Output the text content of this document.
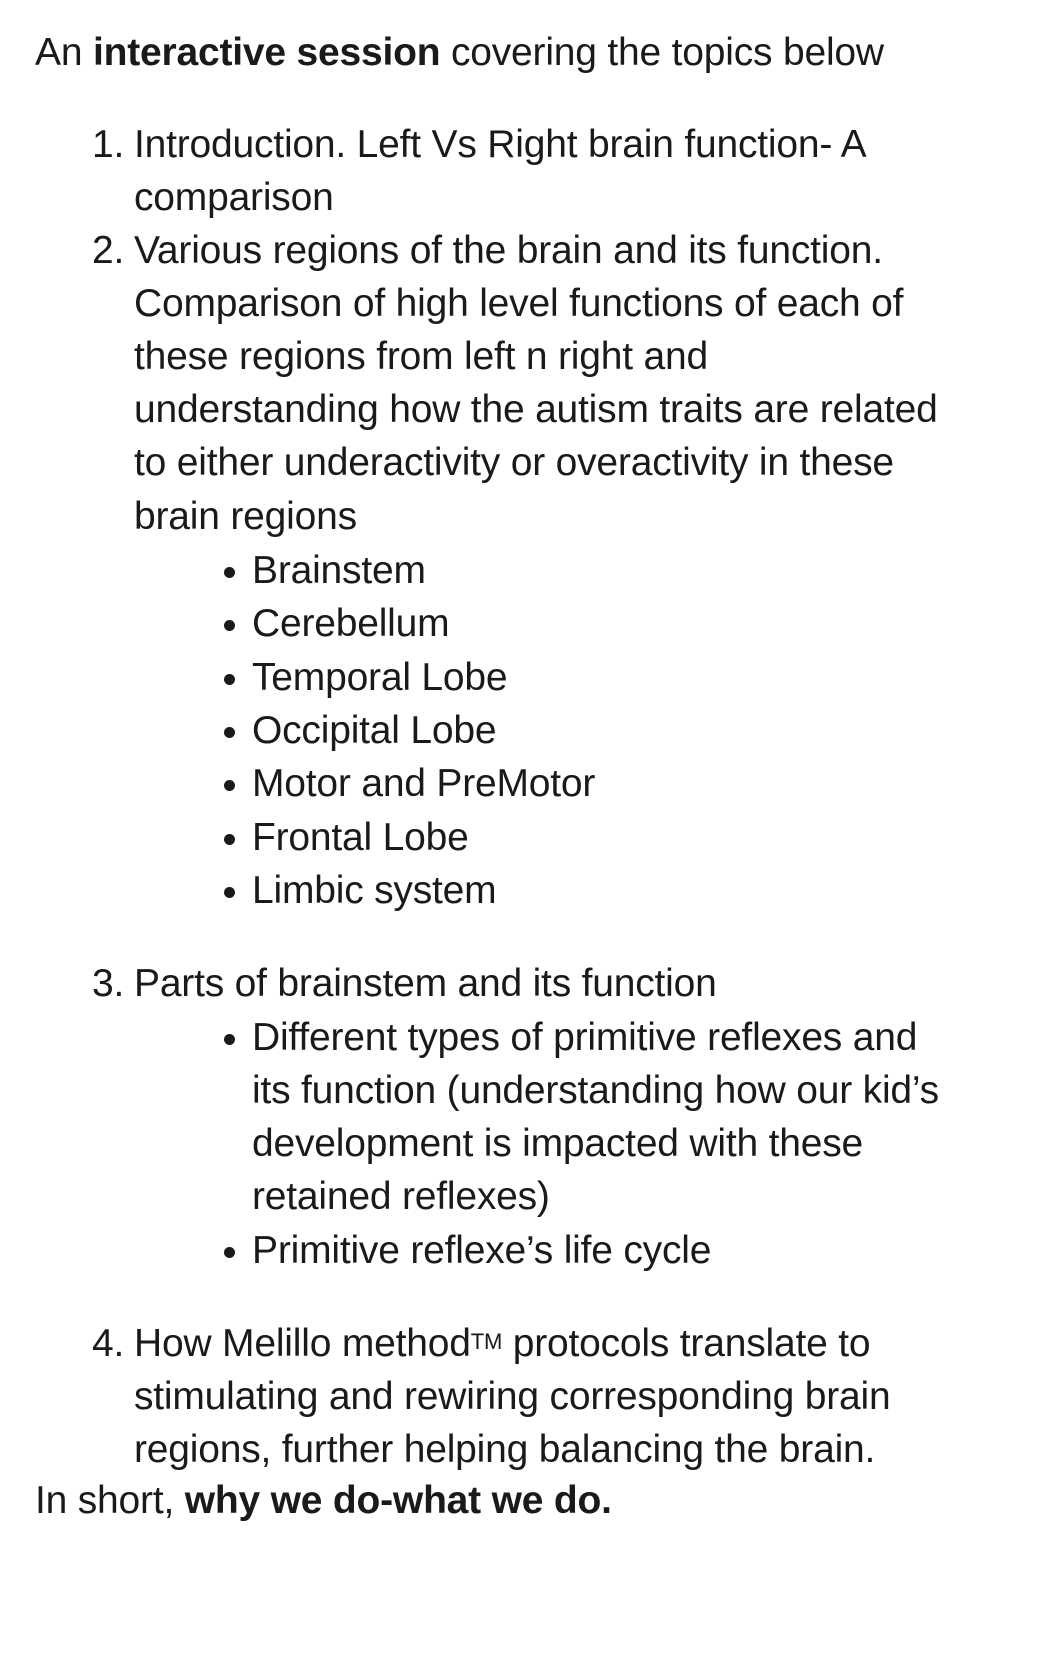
An interactive session covering the topics below
1. Introduction. Left Vs Right brain function- A
comparison
2. Various regions of the brain and its function.
Comparison of high level functions of each of
these regions from left n right and
understanding how the autism traits are related
to either underactivity or overactivity in these
brain regions
Brainstem
Cerebellum
Temporal Lobe
Occipital Lobe
Motor and PreMotor
Frontal Lobe
Limbic system
3. Parts of brainstem and its function
Different types of primitive reflexes and
its function (understanding how our kid’s
development is impacted with these
retained reflexes)
Primitive reflexe’s life cycle
4. How Melillo method™ protocols translate to
stimulating and rewiring corresponding brain
regions, further helping balancing the brain.
In short, why we do-what we do.
